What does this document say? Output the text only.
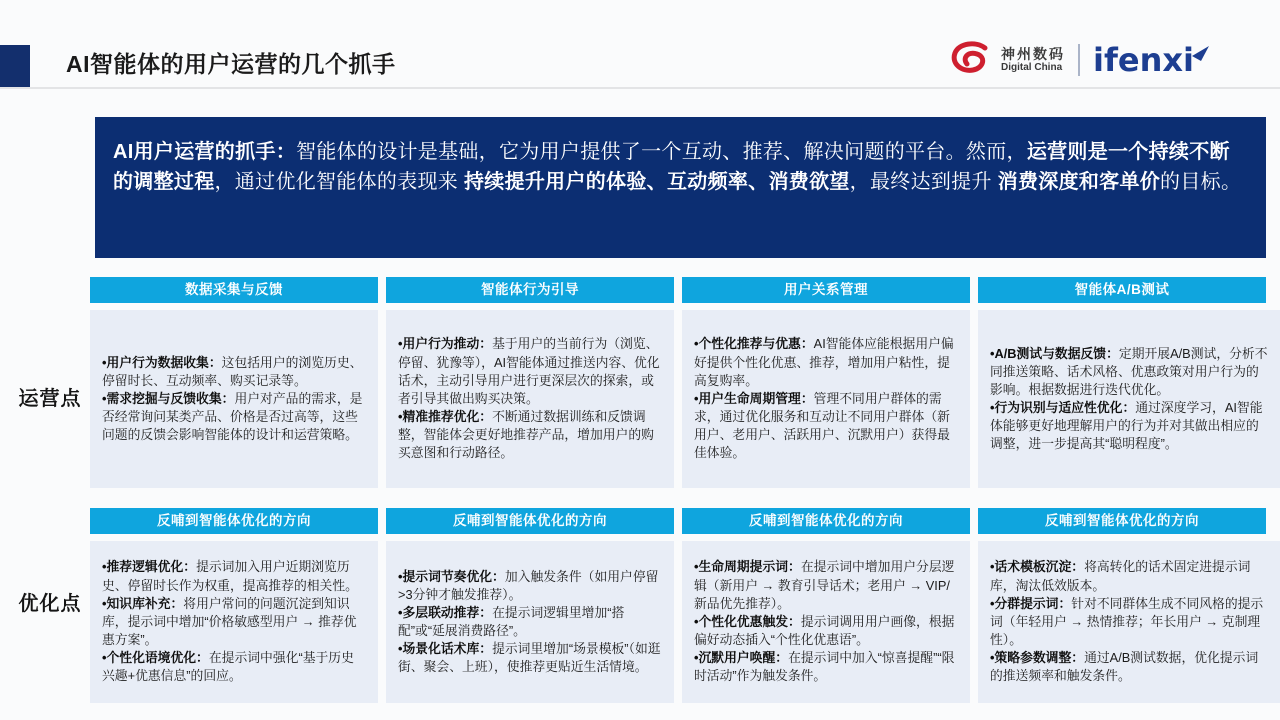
AI智能体的用户运营的几个抓手	神州数码
Digital China ifenxi
AI用户运营的抓手：智能体的设计是基础，它为用户提供了一个互动、推荐、解决问题的平台。然而，运营则是一个持续不断的调整过程，通过优化智能体的表现来 持续提升用户的体验、互动频率、消费欲望，最终达到提升 消费深度和客单价的目标。
运营点
优化点
数据采集与反馈
•用户行为数据收集：这包括用户的浏览历史、停留时长、互动频率、购买记录等。
•需求挖掘与反馈收集：用户对产品的需求，是否经常询问某类产品、价格是否过高等，这些问题的反馈会影响智能体的设计和运营策略。
智能体行为引导
•用户行为推动：基于用户的当前行为（浏览、停留、犹豫等），AI智能体通过推送内容、优化话术，主动引导用户进行更深层次的探索，或者引导其做出购买决策。
•精准推荐优化：不断通过数据训练和反馈调整，智能体会更好地推荐产品，增加用户的购买意图和行动路径。
用户关系管理
•个性化推荐与优惠：AI智能体应能根据用户偏好提供个性化优惠、推荐，增加用户粘性，提高复购率。
•用户生命周期管理：管理不同用户群体的需求，通过优化服务和互动让不同用户群体（新用户、老用户、活跃用户、沉默用户）获得最佳体验。
智能体A/B测试
•A/B测试与数据反馈：定期开展A/B测试，分析不同推送策略、话术风格、优惠政策对用户行为的影响。根据数据进行迭代优化。
•行为识别与适应性优化：通过深度学习，AI智能体能够更好地理解用户的行为并对其做出相应的调整，进一步提高其“聪明程度”。
反哺到智能体优化的方向
•推荐逻辑优化：提示词加入用户近期浏览历史、停留时长作为权重，提高推荐的相关性。
•知识库补充：将用户常问的问题沉淀到知识库，提示词中增加“价格敏感型用户 → 推荐优惠方案”。
•个性化语境优化：在提示词中强化“基于历史兴趣+优惠信息”的回应。
反哺到智能体优化的方向
•提示词节奏优化：加入触发条件（如用户停留>3分钟才触发推荐）。
•多层联动推荐：在提示词逻辑里增加“搭配”或“延展消费路径”。
•场景化话术库：提示词里增加“场景模板”（如逛街、聚会、上班），使推荐更贴近生活情境。
反哺到智能体优化的方向
•生命周期提示词：在提示词中增加用户分层逻辑（新用户 → 教育引导话术；老用户 → VIP/新品优先推荐）。
•个性化优惠触发：提示词调用用户画像，根据偏好动态插入“个性化优惠语”。
•沉默用户唤醒：在提示词中加入“惊喜提醒”“限时活动”作为触发条件。
反哺到智能体优化的方向
•话术模板沉淀：将高转化的话术固定进提示词库，淘汰低效版本。
•分群提示词：针对不同群体生成不同风格的提示词（年轻用户 → 热情推荐；年长用户 → 克制理性）。
•策略参数调整：通过A/B测试数据，优化提示词的推送频率和触发条件。
